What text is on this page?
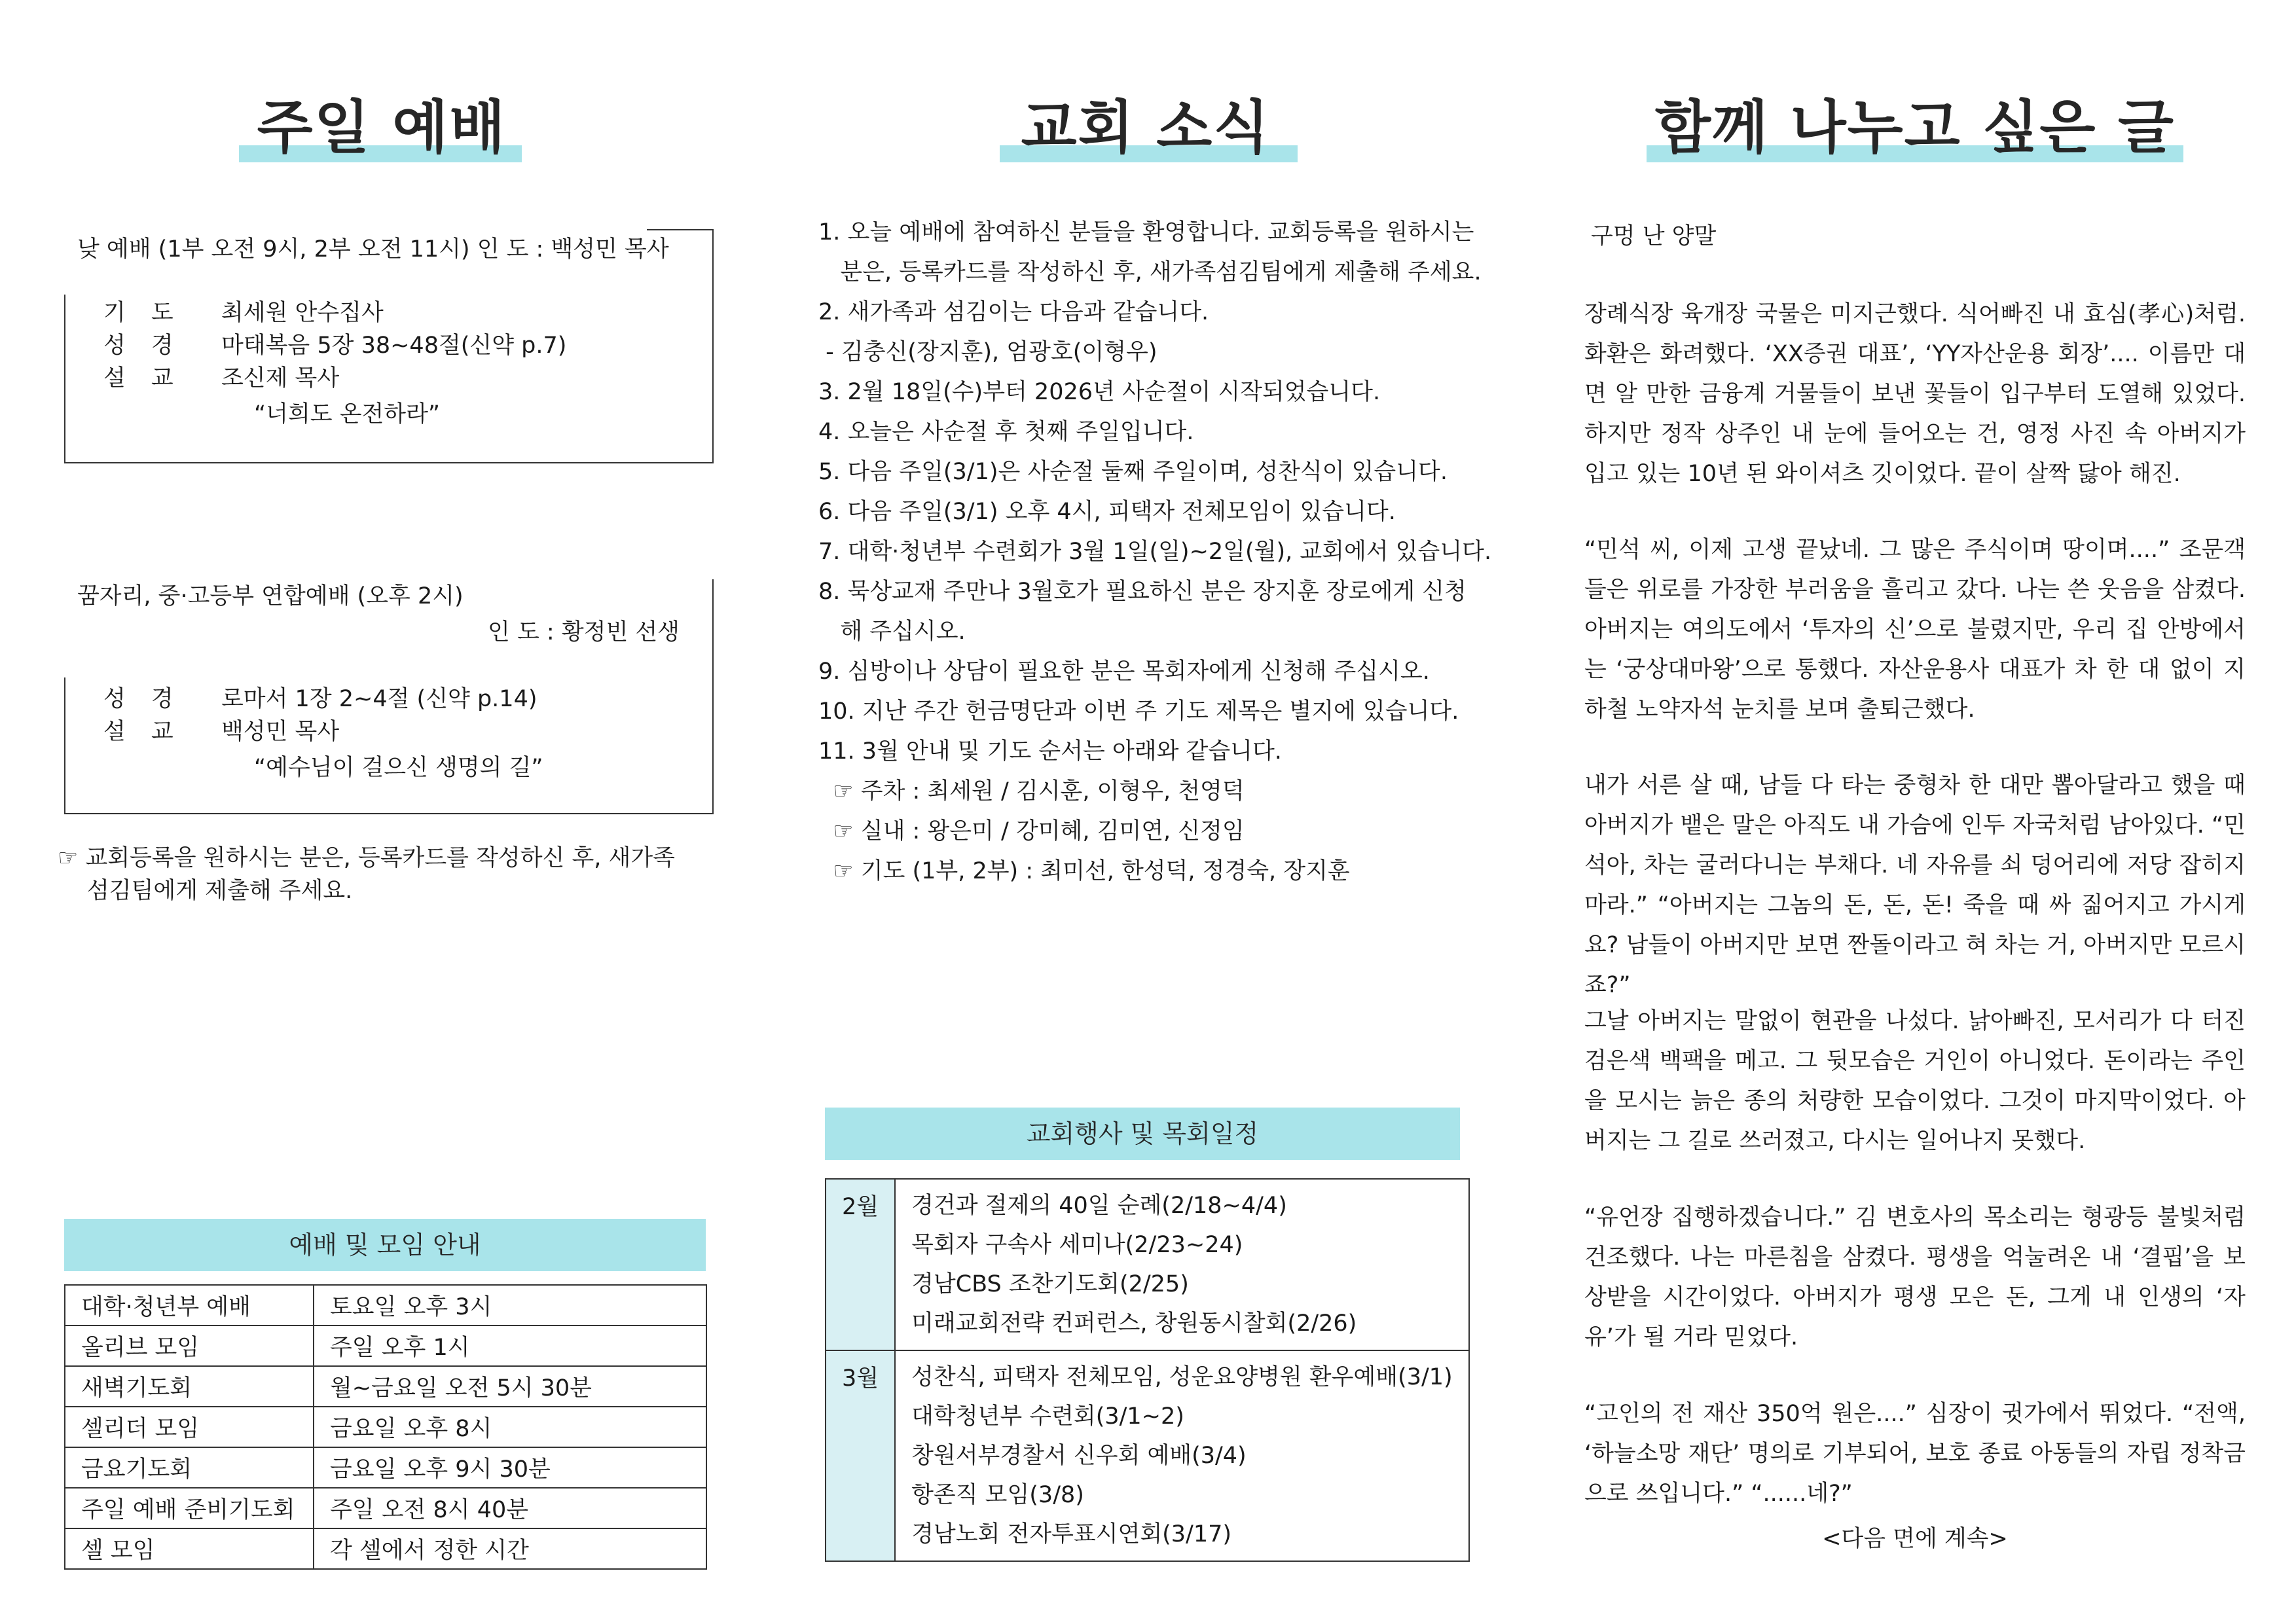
주일 예배
낮 예배 (1부 오전 9시, 2부 오전 11시) 인 도 : 백성민 목사
기 도 최세원 안수집사
성 경 마태복음 5장 38~48절(신약 p.7)
설 교 조신제 목사
“너희도 온전하라”
꿈자리, 중·고등부 연합예배 (오후 2시)
인 도 : 황정빈 선생
성 경 로마서 1장 2~4절 (신약 p.14)
설 교 백성민 목사
“예수님이 걸으신 생명의 길”
☞ 교회등록을 원하시는 분은, 등록카드를 작성하신 후, 새가족
섬김팀에게 제출해 주세요.
예배 및 모임 안내
대학·청년부 예배	토요일 오후 3시
올리브 모임	주일 오후 1시
새벽기도회	월~금요일 오전 5시 30분
셀리더 모임	금요일 오후 8시
금요기도회	금요일 오후 9시 30분
주일 예배 준비기도회	주일 오전 8시 40분
셀 모임	각 셀에서 정한 시간
교회 소식
1. 오늘 예배에 참여하신 분들을 환영합니다. 교회등록을 원하시는
분은, 등록카드를 작성하신 후, 새가족섬김팀에게 제출해 주세요.
2. 새가족과 섬김이는 다음과 같습니다.
- 김충신(장지훈), 엄광호(이형우)
3. 2월 18일(수)부터 2026년 사순절이 시작되었습니다.
4. 오늘은 사순절 후 첫째 주일입니다.
5. 다음 주일(3/1)은 사순절 둘째 주일이며, 성찬식이 있습니다.
6. 다음 주일(3/1) 오후 4시, 피택자 전체모임이 있습니다.
7. 대학·청년부 수련회가 3월 1일(일)~2일(월), 교회에서 있습니다.
8. 묵상교재 주만나 3월호가 필요하신 분은 장지훈 장로에게 신청
해 주십시오.
9. 심방이나 상담이 필요한 분은 목회자에게 신청해 주십시오.
10. 지난 주간 헌금명단과 이번 주 기도 제목은 별지에 있습니다.
11. 3월 안내 및 기도 순서는 아래와 같습니다.
☞ 주차 : 최세원 / 김시훈, 이형우, 천영덕
☞ 실내 : 왕은미 / 강미혜, 김미연, 신정임
☞ 기도 (1부, 2부) : 최미선, 한성덕, 정경숙, 장지훈
교회행사 및 목회일정
2월	경건과 절제의 40일 순례(2/18~4/4)
목회자 구속사 세미나(2/23~24)
경남CBS 조찬기도회(2/25)
미래교회전략 컨퍼런스, 창원동시찰회(2/26)

3월	성찬식, 피택자 전체모임, 성운요양병원 환우예배(3/1)
대학청년부 수련회(3/1~2)
창원서부경찰서 신우회 예배(3/4)
항존직 모임(3/8)
경남노회 전자투표시연회(3/17)
함께 나누고 싶은 글
구멍 난 양말
장례식장 육개장 국물은 미지근했다. 식어빠진 내 효심(孝心)처럼. 화환은 화려했다. ‘XX증권 대표’, ‘YY자산운용 회장’.... 이름만 대면 알 만한 금융계 거물들이 보낸 꽃들이 입구부터 도열해 있었다. 하지만 정작 상주인 내 눈에 들어오는 건, 영정 사진 속 아버지가 입고 있는 10년 된 와이셔츠 깃이었다. 끝이 살짝 닳아 해진.
“민석 씨, 이제 고생 끝났네. 그 많은 주식이며 땅이며....” 조문객들은 위로를 가장한 부러움을 흘리고 갔다. 나는 쓴 웃음을 삼켰다. 아버지는 여의도에서 ‘투자의 신’으로 불렸지만, 우리 집 안방에서는 ‘궁상대마왕’으로 통했다. 자산운용사 대표가 차 한 대 없이 지하철 노약자석 눈치를 보며 출퇴근했다.
내가 서른 살 때, 남들 다 타는 중형차 한 대만 뽑아달라고 했을 때 아버지가 뱉은 말은 아직도 내 가슴에 인두 자국처럼 남아있다. “민석아, 차는 굴러다니는 부채다. 네 자유를 쇠 덩어리에 저당 잡히지 마라.” “아버지는 그놈의 돈, 돈, 돈! 죽을 때 싸 짊어지고 가시게요? 남들이 아버지만 보면 짠돌이라고 혀 차는 거, 아버지만 모르시죠?”
그날 아버지는 말없이 현관을 나섰다. 낡아빠진, 모서리가 다 터진 검은색 백팩을 메고. 그 뒷모습은 거인이 아니었다. 돈이라는 주인을 모시는 늙은 종의 처량한 모습이었다. 그것이 마지막이었다. 아버지는 그 길로 쓰러졌고, 다시는 일어나지 못했다.
“유언장 집행하겠습니다.” 김 변호사의 목소리는 형광등 불빛처럼 건조했다. 나는 마른침을 삼켰다. 평생을 억눌려온 내 ‘결핍’을 보상받을 시간이었다. 아버지가 평생 모은 돈, 그게 내 인생의 ‘자유’가 될 거라 믿었다.
“고인의 전 재산 350억 원은....” 심장이 귓가에서 뛰었다. “전액, ‘하늘소망 재단’ 명의로 기부되어, 보호 종료 아동들의 자립 정착금으로 쓰입니다.” “......네?”
<다음 면에 계속>
